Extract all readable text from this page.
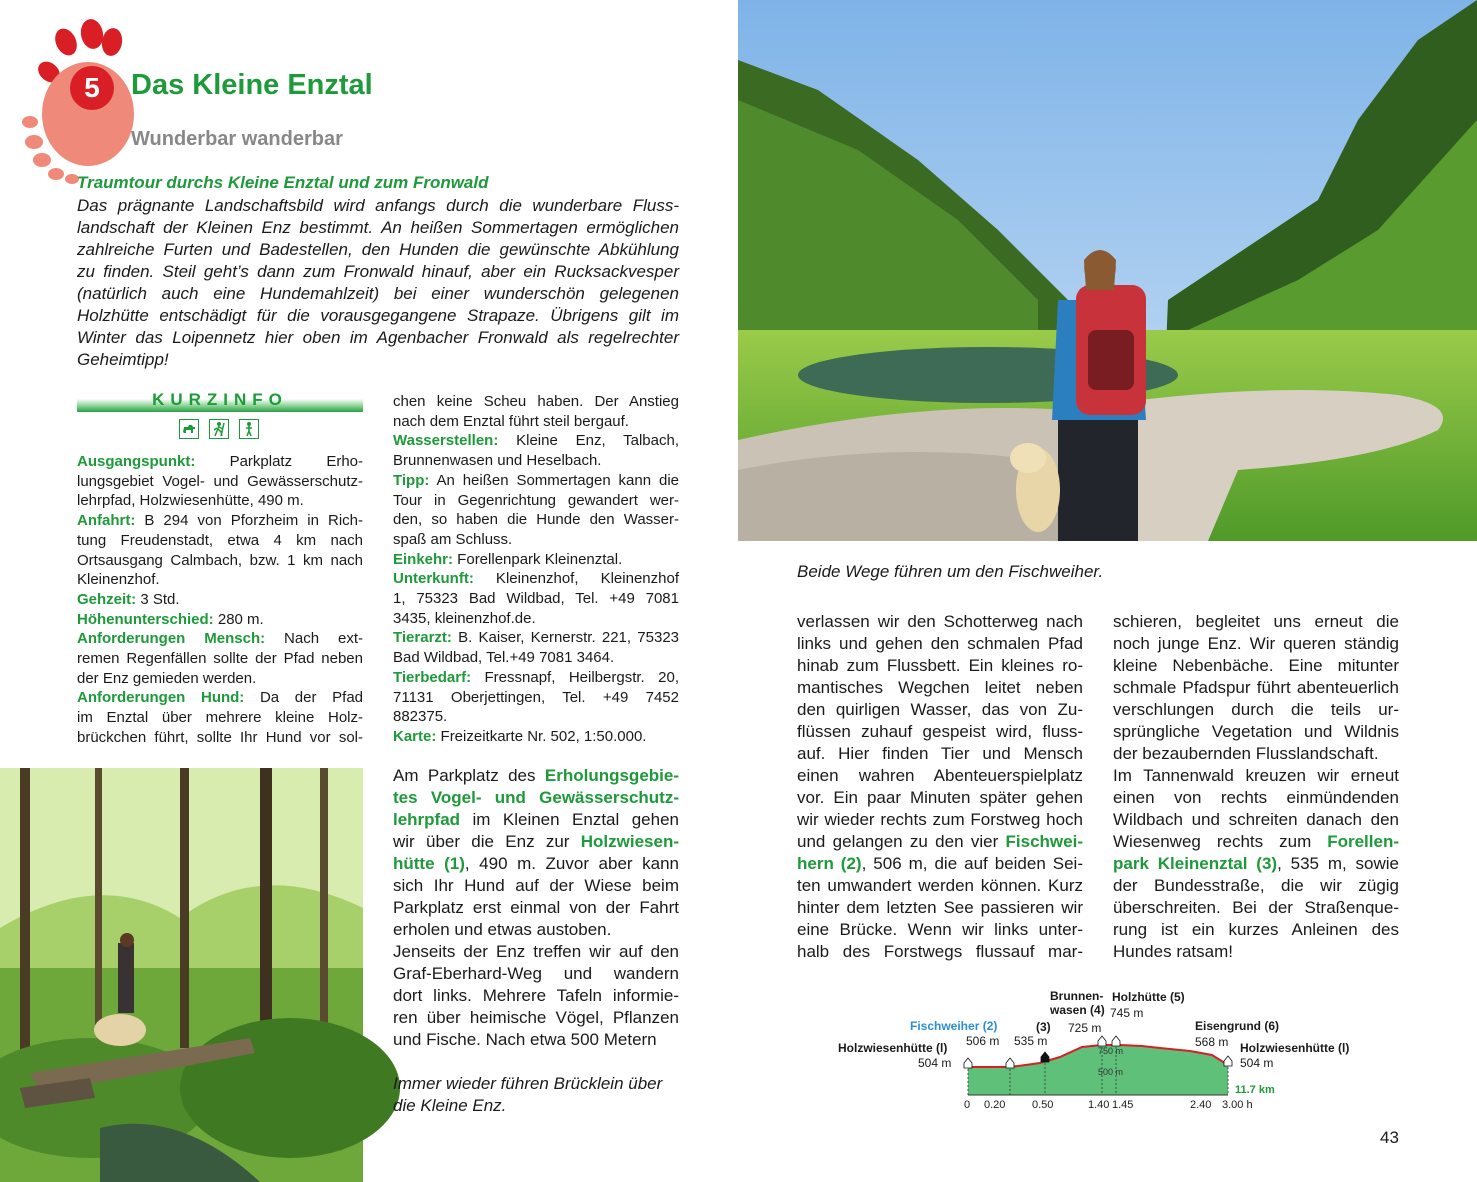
5	Das Kleine Enztal
Wunderbar wanderbar
Traumtour durchs Kleine Enztal und zum Fronwald
Das prägnante Landschaftsbild wird anfangs durch die wunderbare Fluss-
landschaft der Kleinen Enz bestimmt. An heißen Sommertagen ermöglichen
zahlreiche Furten und Badestellen, den Hunden die gewünschte Abkühlung
zu finden. Steil geht’s dann zum Fronwald hinauf, aber ein Rucksackvesper
(natürlich auch eine Hundemahlzeit) bei einer wunderschön gelegenen
Holzhütte entschädigt für die vorausgegangene Strapaze. Übrigens gilt im
Winter das Loipennetz hier oben im Agenbacher Fronwald als regelrechter
Geheimtipp!
KURZINFO
Ausgangspunkt: Parkplatz Erho-
lungsgebiet Vogel- und Gewässerschutz-
lehrpfad, Holzwiesenhütte, 490 m.
Anfahrt: B 294 von Pforzheim in Rich-
tung Freudenstadt, etwa 4 km nach
Ortsausgang Calmbach, bzw. 1 km nach
Kleinenzhof.
Gehzeit: 3 Std.
Höhenunterschied: 280 m.
Anforderungen Mensch: Nach ext-
remen Regenfällen sollte der Pfad neben
der Enz gemieden werden.
Anforderungen Hund: Da der Pfad
im Enztal über mehrere kleine Holz-
brückchen führt, sollte Ihr Hund vor sol-
chen keine Scheu haben. Der Anstieg
nach dem Enztal führt steil bergauf.
Wasserstellen: Kleine Enz, Talbach,
Brunnenwasen und Heselbach.
Tipp: An heißen Sommertagen kann die
Tour in Gegenrichtung gewandert wer-
den, so haben die Hunde den Wasser-
spaß am Schluss.
Einkehr: Forellenpark Kleinenztal.
Unterkunft: Kleinenzhof, Kleinenzhof
1, 75323 Bad Wildbad, Tel. +49 7081
3435, kleinenzhof.de.
Tierarzt: B. Kaiser, Kernerstr. 221, 75323
Bad Wildbad, Tel.+49 7081 3464.
Tierbedarf: Fressnapf, Heilbergstr. 20,
71131 Oberjettingen, Tel. +49 7452
882375.
Karte: Freizeitkarte Nr. 502, 1:50.000.
Am Parkplatz des Erholungsgebie-
tes Vogel- und Gewässerschutz-
lehrpfad im Kleinen Enztal gehen
wir über die Enz zur Holzwiesen-
hütte (1), 490 m. Zuvor aber kann
sich Ihr Hund auf der Wiese beim
Parkplatz erst einmal von der Fahrt
erholen und etwas austoben.
Jenseits der Enz treffen wir auf den
Graf-Eberhard-Weg und wandern
dort links. Mehrere Tafeln informie-
ren über heimische Vögel, Pflanzen
und Fische. Nach etwa 500 Metern
verlassen wir den Schotterweg nach
links und gehen den schmalen Pfad
hinab zum Flussbett. Ein kleines ro-
mantisches Wegchen leitet neben
den quirligen Wasser, das von Zu-
flüssen zuhauf gespeist wird, fluss-
auf. Hier finden Tier und Mensch
einen wahren Abenteuerspielplatz
vor. Ein paar Minuten später gehen
wir wieder rechts zum Forstweg hoch
und gelangen zu den vier Fischwei-
hern (2), 506 m, die auf beiden Sei-
ten umwandert werden können. Kurz
hinter dem letzten See passieren wir
eine Brücke. Wenn wir links unter-
halb des Forstwegs flussauf mar-
schieren, begleitet uns erneut die
noch junge Enz. Wir queren ständig
kleine Nebenbäche. Eine mitunter
schmale Pfadspur führt abenteuerlich
verschlungen durch die teils ur-
sprüngliche Vegetation und Wildnis
der bezaubernden Flusslandschaft.
Im Tannenwald kreuzen wir erneut
einen von rechts einmündenden
Wildbach und schreiten danach den
Wiesenweg rechts zum Forellen-
park Kleinenztal (3), 535 m, sowie
der Bundesstraße, die wir zügig
überschreiten. Bei der Straßenque-
rung ist ein kurzes Anleinen des
Hundes ratsam!
Beide Wege führen um den Fischweiher.
Immer wieder führen Brücklein über
die Kleine Enz.
750 m
500 m
Holzwiesenhütte (l)
504 m
Fischweiher (2)
506 m
(3)
535 m
Brunnen-
wasen (4)
725 m
Holzhütte (5)
745 m
Eisengrund (6)
568 m Holzwiesenhütte (l)
504 m
11.7 km
0 0.20 0.50	1.40 1.45	2.40 3.00 h
43
